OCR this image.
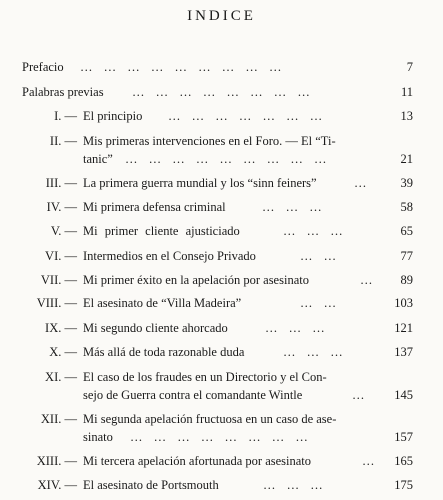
INDICE
Prefacio … … … … … … … … …	7
Palabras previas … … … … … … … …	11
I. — El principio … … … … … … …	13
II. — Mis primeras intervenciones en el Foro. — El “Ti-
tanic” … … … … … … … … …	21
III. — La primera guerra mundial y los “sinn feiners”	…	39
IV. — Mi primera defensa criminal	… … …	58
V. — Mi primer cliente ajusticiado	… … …	65
VI. — Intermedios en el Consejo Privado	… …	77
VII. — Mi primer éxito en la apelación por asesinato	…	89
VIII. — El asesinato de “Villa Madeira”	… …	103
IX. — Mi segundo cliente ahorcado	… … …	121
X. — Más allá de toda razonable duda	… … …	137
XI. — El caso de los fraudes en un Directorio y el Con-
sejo de Guerra contra el comandante Wintle	…	145
XII. — Mi segunda apelación fructuosa en un caso de ase-
sinato … … … … … … … …	157
XIII. — Mi tercera apelación afortunada por asesinato	…	165
XIV. — El asesinato de Portsmouth	… … …	175
